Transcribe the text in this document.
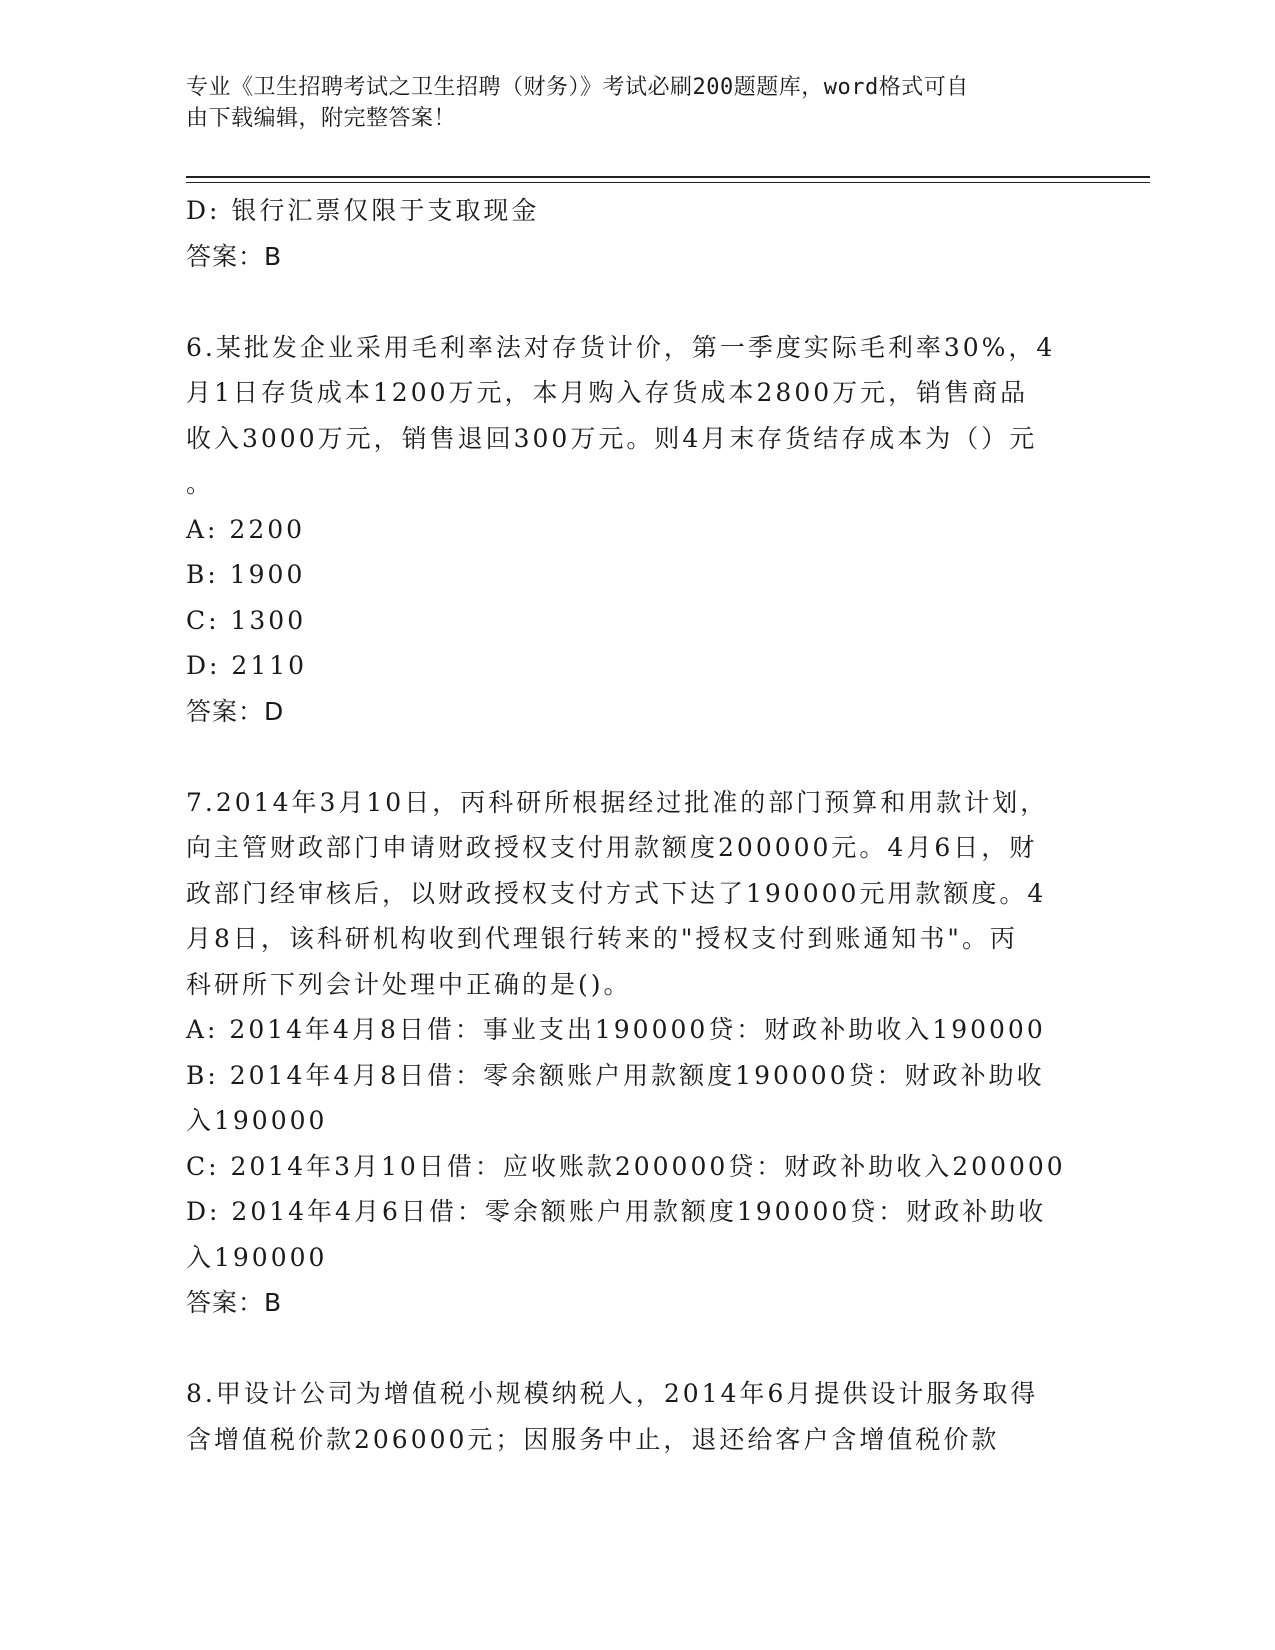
专业《卫生招聘考试之卫生招聘（财务）》考试必刷200题题库，word格式可自
由下载编辑，附完整答案！
D: 银行汇票仅限于支取现金
答案：B
6.某批发企业采用毛利率法对存货计价，第一季度实际毛利率30%，4
月1日存货成本1200万元，本月购入存货成本2800万元，销售商品
收入3000万元，销售退回300万元。则4月末存货结存成本为（）元
。
A: 2200
B: 1900
C: 1300
D: 2110
答案：D
7.2014年3月10日，丙科研所根据经过批准的部门预算和用款计划，
向主管财政部门申请财政授权支付用款额度200000元。4月6日，财
政部门经审核后，以财政授权支付方式下达了190000元用款额度。4
月8日，该科研机构收到代理银行转来的"授权支付到账通知书"。丙
科研所下列会计处理中正确的是()。
A: 2014年4月8日借：事业支出190000贷：财政补助收入190000
B: 2014年4月8日借：零余额账户用款额度190000贷：财政补助收
入190000
C: 2014年3月10日借：应收账款200000贷：财政补助收入200000
D: 2014年4月6日借：零余额账户用款额度190000贷：财政补助收
入190000
答案：B
8.甲设计公司为增值税小规模纳税人，2014年6月提供设计服务取得
含增值税价款206000元；因服务中止，退还给客户含增值税价款
